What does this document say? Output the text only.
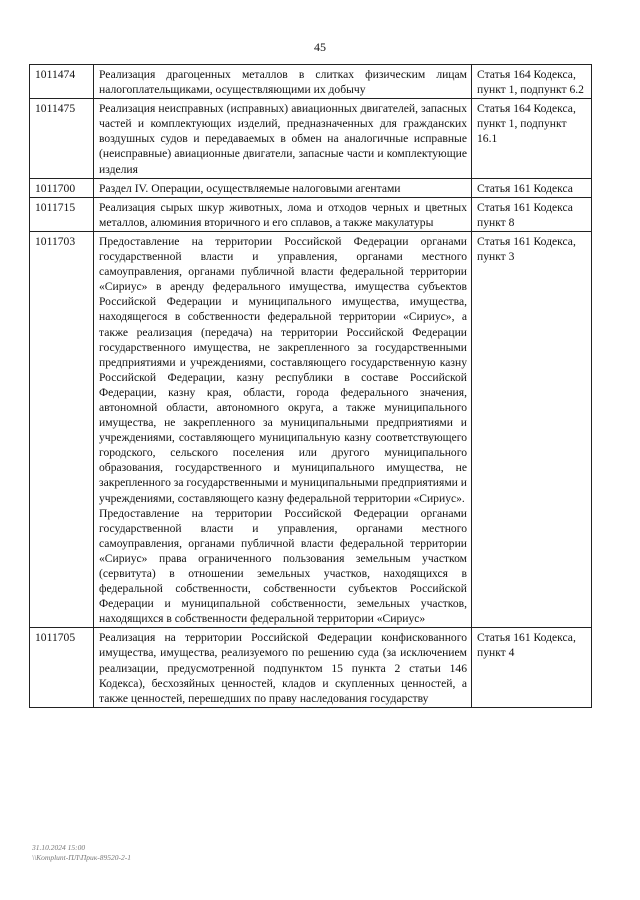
45
1011474	Реализация драгоценных металлов в слитках физическим лицам налогоплательщиками, осуществляющими их добычу	Статья 164 Кодекса, пункт 1, подпункт 6.2
1011475	Реализация неисправных (исправных) авиационных двигателей, запасных частей и комплектующих изделий, предназначенных для гражданских воздушных судов и передаваемых в обмен на аналогичные исправные (неисправные) авиационные двигатели, запасные части и комплектующие изделия	Статья 164 Кодекса, пункт 1, подпункт 16.1
1011700	Раздел IV. Операции, осуществляемые налоговыми агентами	Статья 161 Кодекса
1011715	Реализация сырых шкур животных, лома и отходов черных и цветных металлов, алюминия вторичного и его сплавов, а также макулатуры	Статья 161 Кодекса пункт 8
1011703	Предоставление на территории Российской Федерации органами государственной власти и управления, органами местного самоуправления, органами публичной власти федеральной территории «Сириус» в аренду федерального имущества, имущества субъектов Российской Федерации и муниципального имущества, имущества, находящегося в собственности федеральной территории «Сириус», а также реализация (передача) на территории Российской Федерации государственного имущества, не закрепленного за государственными предприятиями и учреждениями, составляющего государственную казну Российской Федерации, казну республики в составе Российской Федерации, казну края, области, города федерального значения, автономной области, автономного округа, а также муниципального имущества, не закрепленного за муниципальными предприятиями и учреждениями, составляющего муниципальную казну соответствующего городского, сельского поселения или другого муниципального образования, государственного и муниципального имущества, не закрепленного за государственными и муниципальными предприятиями и учреждениями, составляющего казну федеральной территории «Сириус».
Предоставление на территории Российской Федерации органами государственной власти и управления, органами местного самоуправления, органами публичной власти федеральной территории «Сириус» права ограниченного пользования земельным участком (сервитута) в отношении земельных участков, находящихся в федеральной собственности, собственности субъектов Российской Федерации и муниципальной собственности, земельных участков, находящихся в собственности федеральной территории «Сириус»	Статья 161 Кодекса, пункт 3
1011705	Реализация на территории Российской Федерации конфискованного имущества, имущества, реализуемого по решению суда (за исключением реализации, предусмотренной подпунктом 15 пункта 2 статьи 146 Кодекса), бесхозяйных ценностей, кладов и скупленных ценностей, а также ценностей, перешедших по праву наследования государству	Статья 161 Кодекса, пункт 4
31.10.2024 15:00
\\Komplunt-ПЛ\Прик-89520-2-1
